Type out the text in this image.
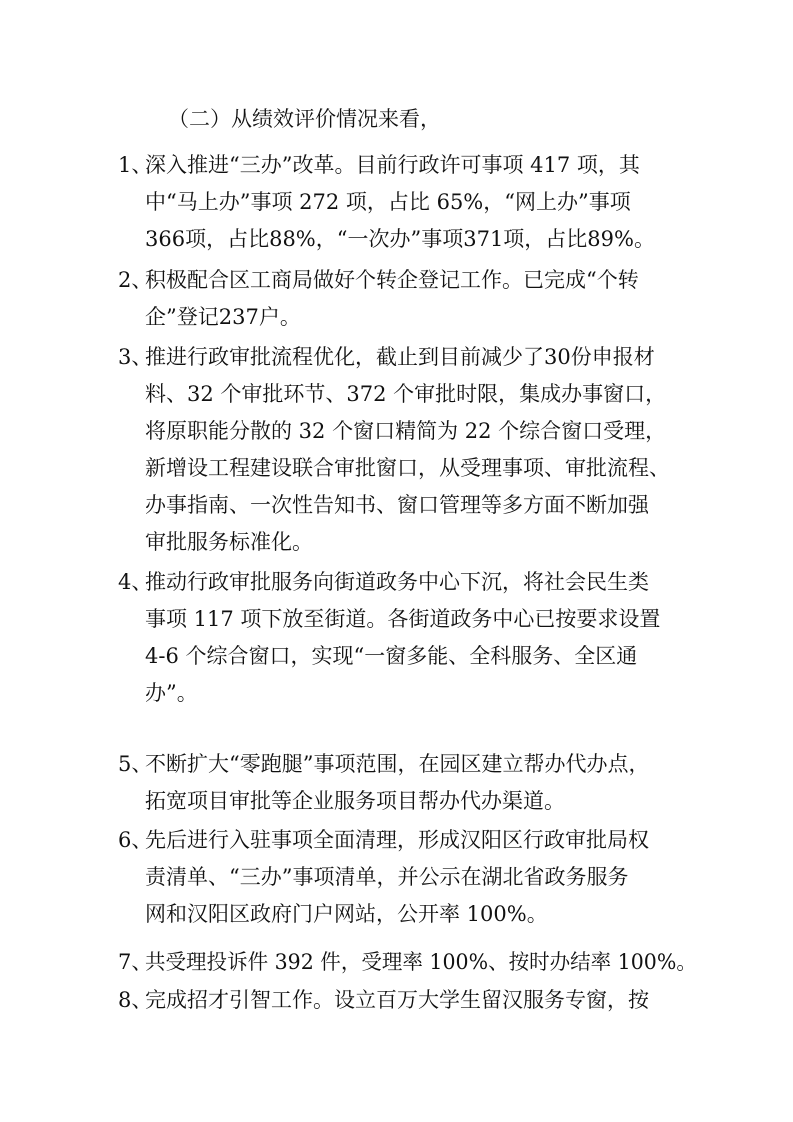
（二）从绩效评价情况来看，
1、
深入推进“三办”改革。目前行政许可事项 417 项，其
中“马上办”事项 272 项，占比 65%，“网上办”事项
366项，占比88%，“一次办”事项371项，占比89%。
2、
积极配合区工商局做好个转企登记工作。已完成“个转
企”登记237户。
3、
推进行政审批流程优化，截止到目前减少了30份申报材
料、32 个审批环节、372 个审批时限，集成办事窗口，
将原职能分散的 32 个窗口精简为 22 个综合窗口受理，
新增设工程建设联合审批窗口，从受理事项、审批流程、
办事指南、一次性告知书、窗口管理等多方面不断加强
审批服务标准化。
4、
推动行政审批服务向街道政务中心下沉，将社会民生类
事项 117 项下放至街道。各街道政务中心已按要求设置
4-6 个综合窗口，实现“一窗多能、全科服务、全区通
办”。
5、
不断扩大“零跑腿”事项范围，在园区建立帮办代办点，
拓宽项目审批等企业服务项目帮办代办渠道。
6、
先后进行入驻事项全面清理，形成汉阳区行政审批局权
责清单、“三办”事项清单，并公示在湖北省政务服务
网和汉阳区政府门户网站，公开率 100%。
7、
共受理投诉件 392 件，受理率 100%、按时办结率 100%。
8、
完成招才引智工作。设立百万大学生留汉服务专窗，按
